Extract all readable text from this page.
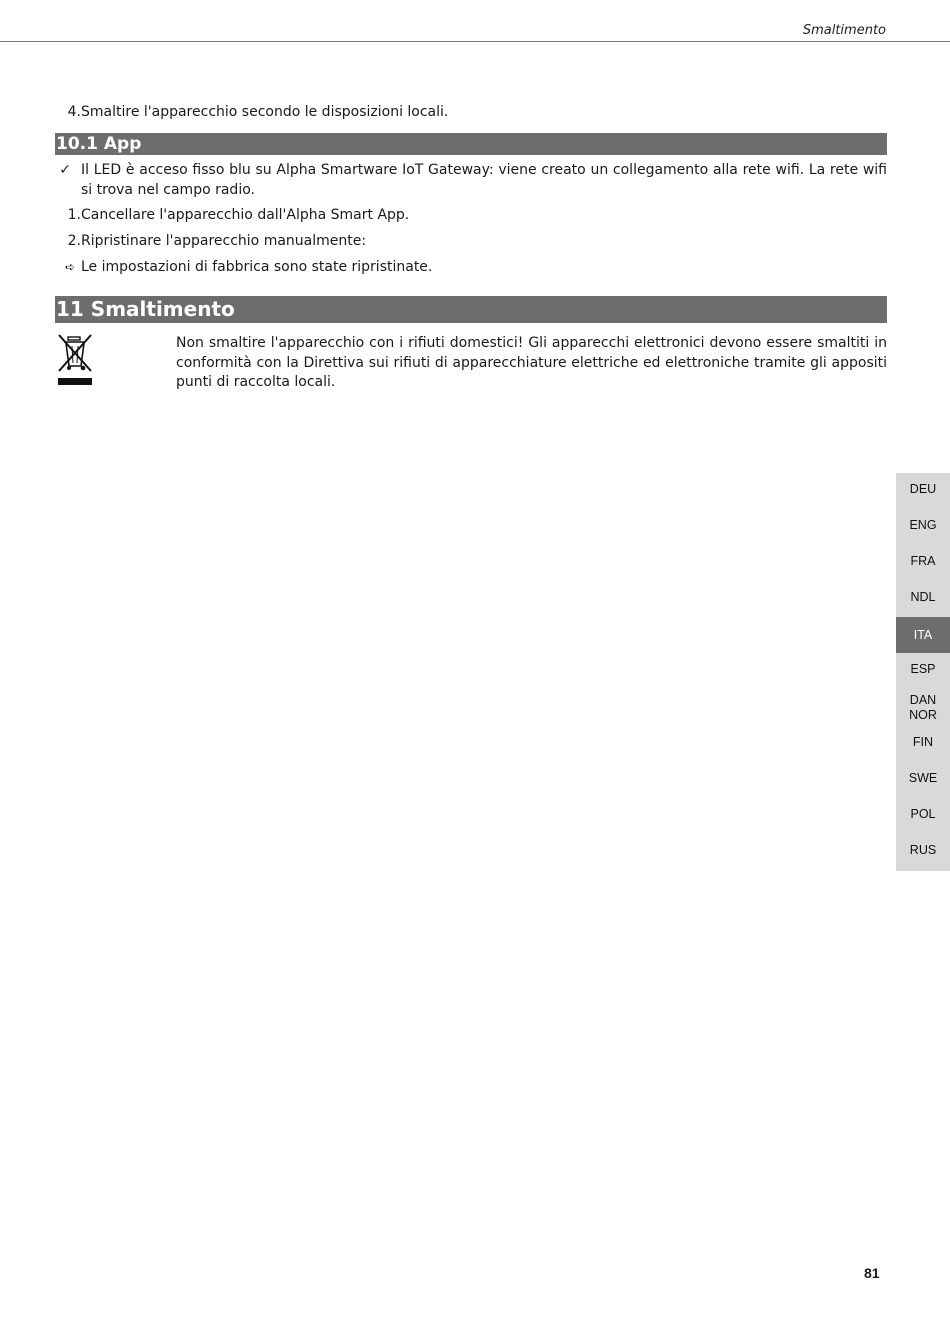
Smaltimento
4. Smaltire l'apparecchio secondo le disposizioni locali.
10.1 App
✓ Il LED è acceso fisso blu su Alpha Smartware IoT Gateway: viene creato un collegamento alla rete wifi. La rete wifi si trova nel campo radio.
1. Cancellare l'apparecchio dall'Alpha Smart App.
2. Ripristinare l'apparecchio manualmente:
➪ Le impostazioni di fabbrica sono state ripristinate.
11 Smaltimento
Non smaltire l'apparecchio con i rifiuti domestici! Gli apparecchi elettronici devono essere smaltiti in conformità con la Direttiva sui rifiuti di apparecchiature elettriche ed elettroniche tramite gli appositi punti di raccolta locali.
DEU
ENG
FRA
NDL
ITA
ESP
DAN NOR
FIN
SWE
POL
RUS
81
